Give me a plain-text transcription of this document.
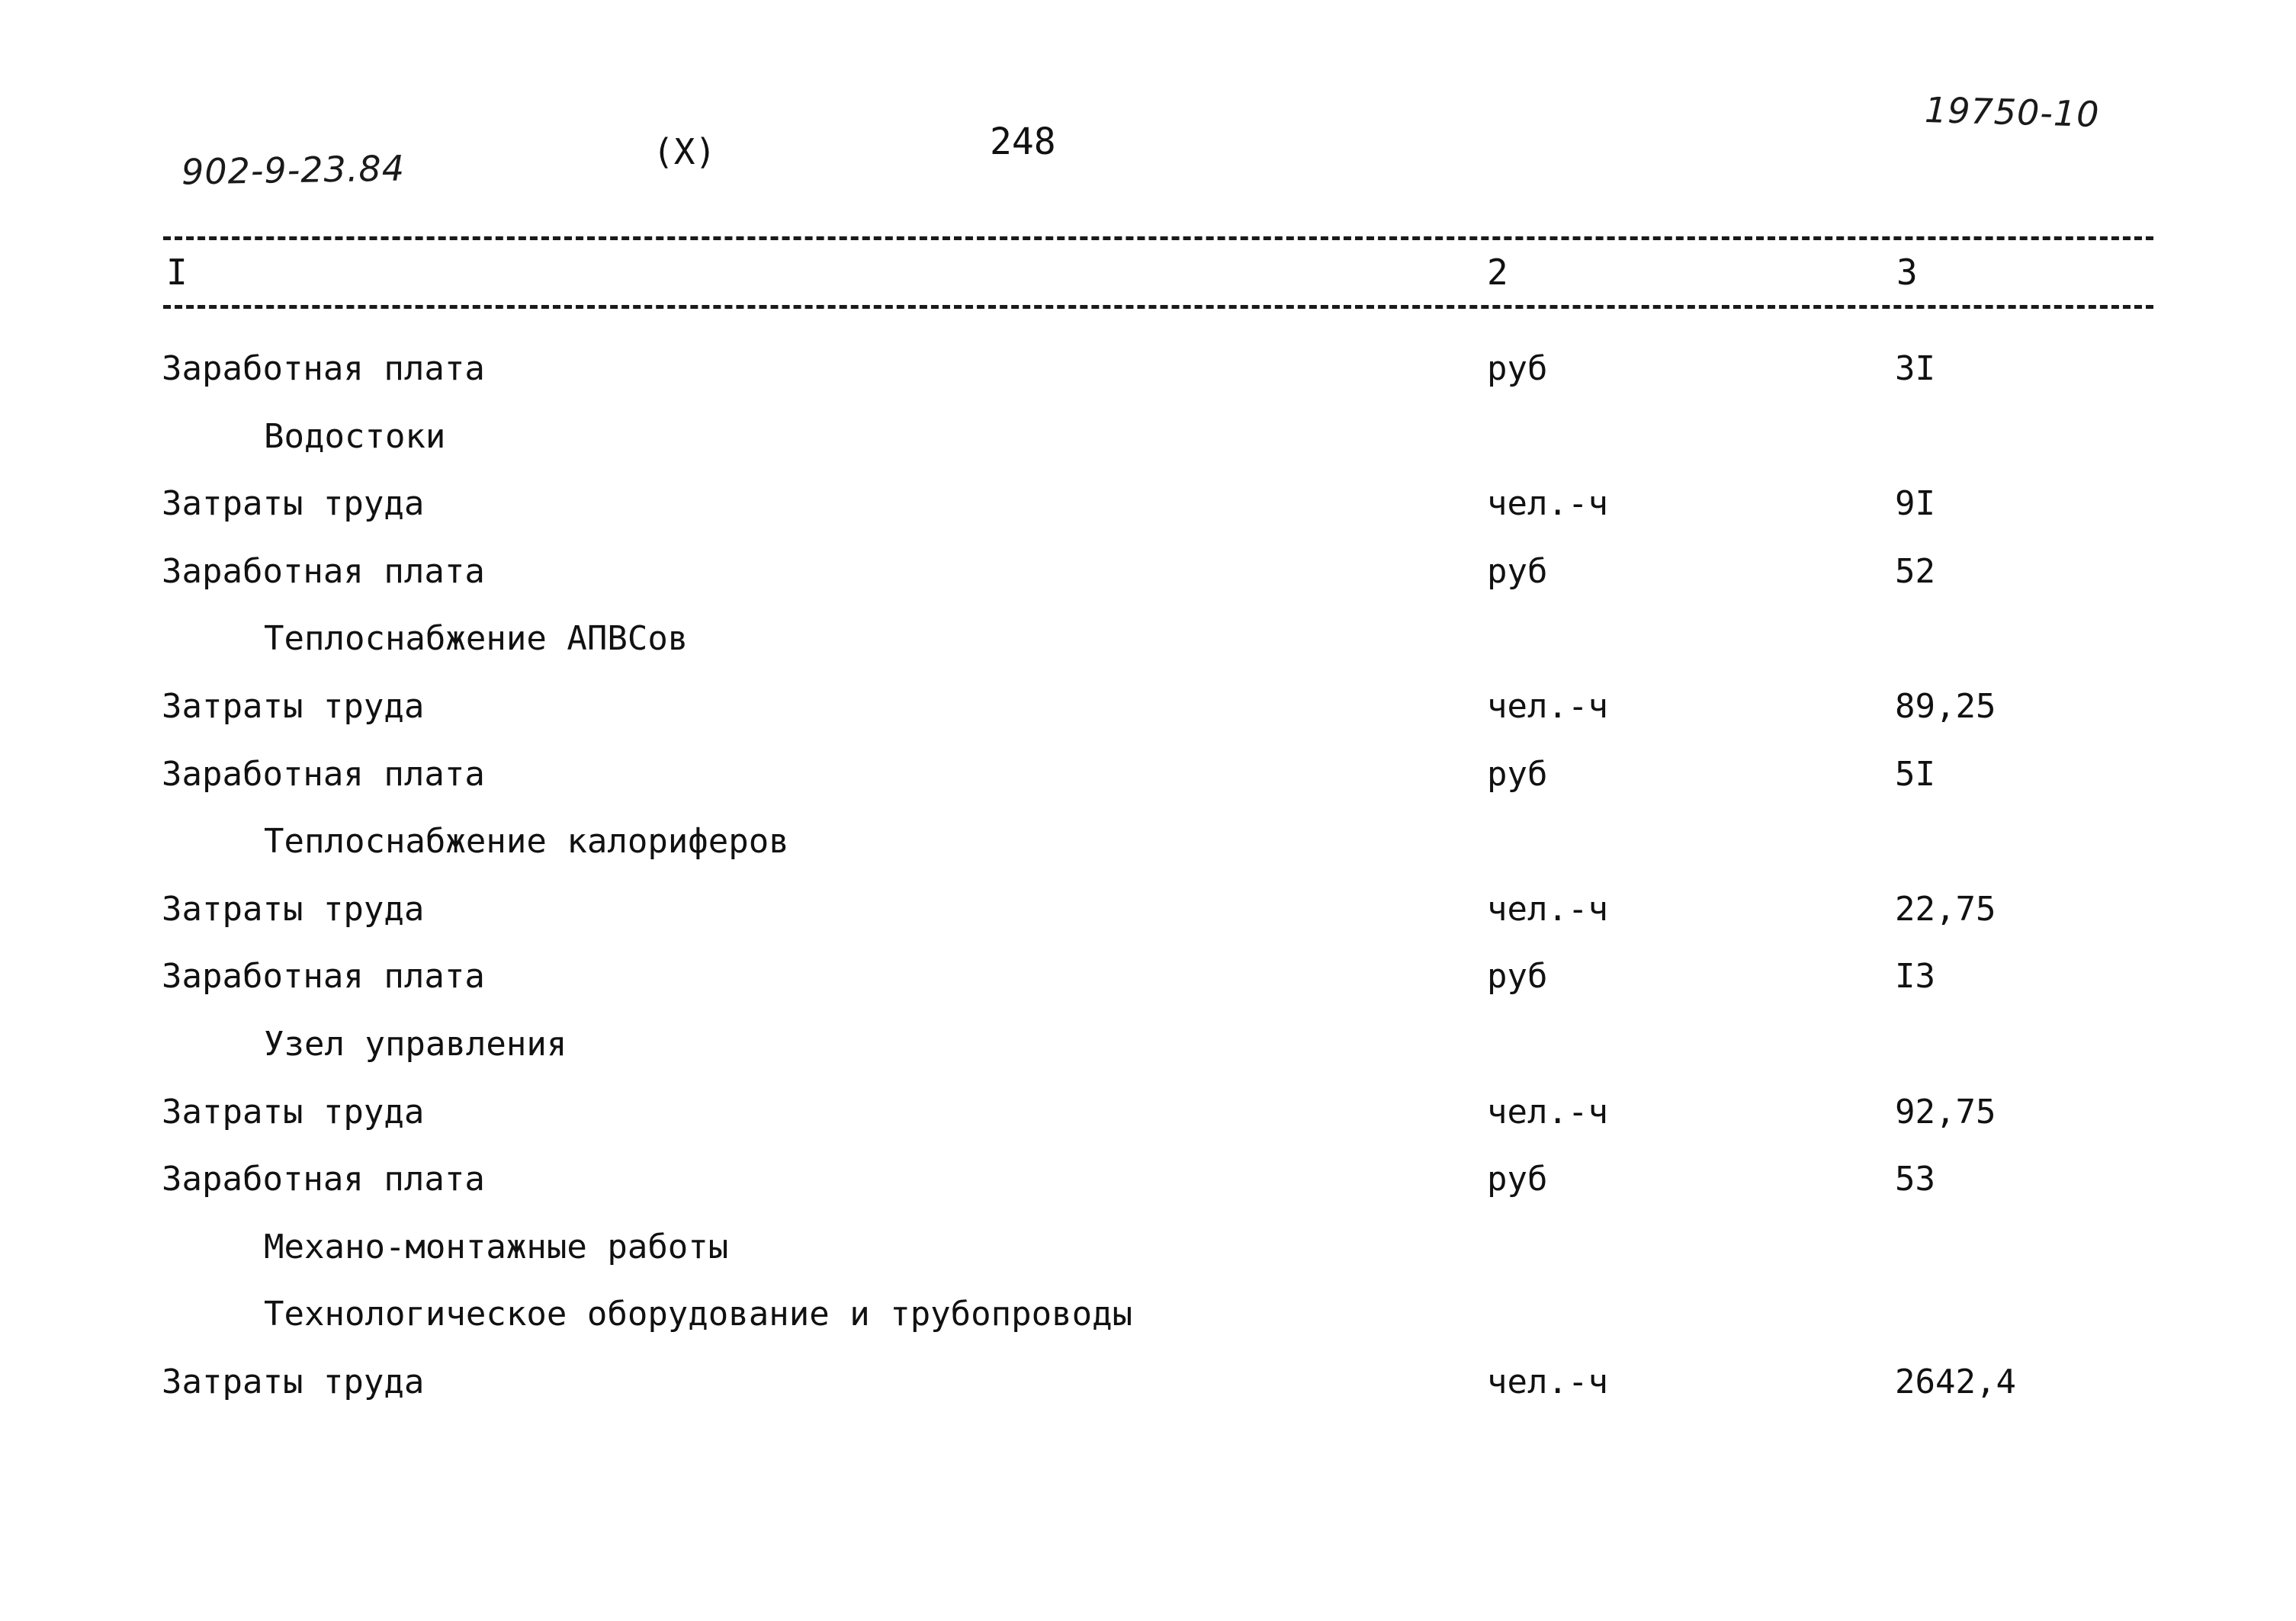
902-9-23.84	(X)	248
19750-10
I	2	3
Заработная плата	руб	3I
Водостоки
Затраты труда	чел.-ч	9I
Заработная плата	руб	52
Теплоснабжение АПВСов
Затраты труда	чел.-ч	89,25
Заработная плата	руб	5I
Теплоснабжение калориферов
Затраты труда	чел.-ч	22,75
Заработная плата	руб	I3
Узел управления
Затраты труда	чел.-ч	92,75
Заработная плата	руб	53
Механо-монтажные работы
Технологическое оборудование и трубопроводы
Затраты труда	чел.-ч	2642,4
